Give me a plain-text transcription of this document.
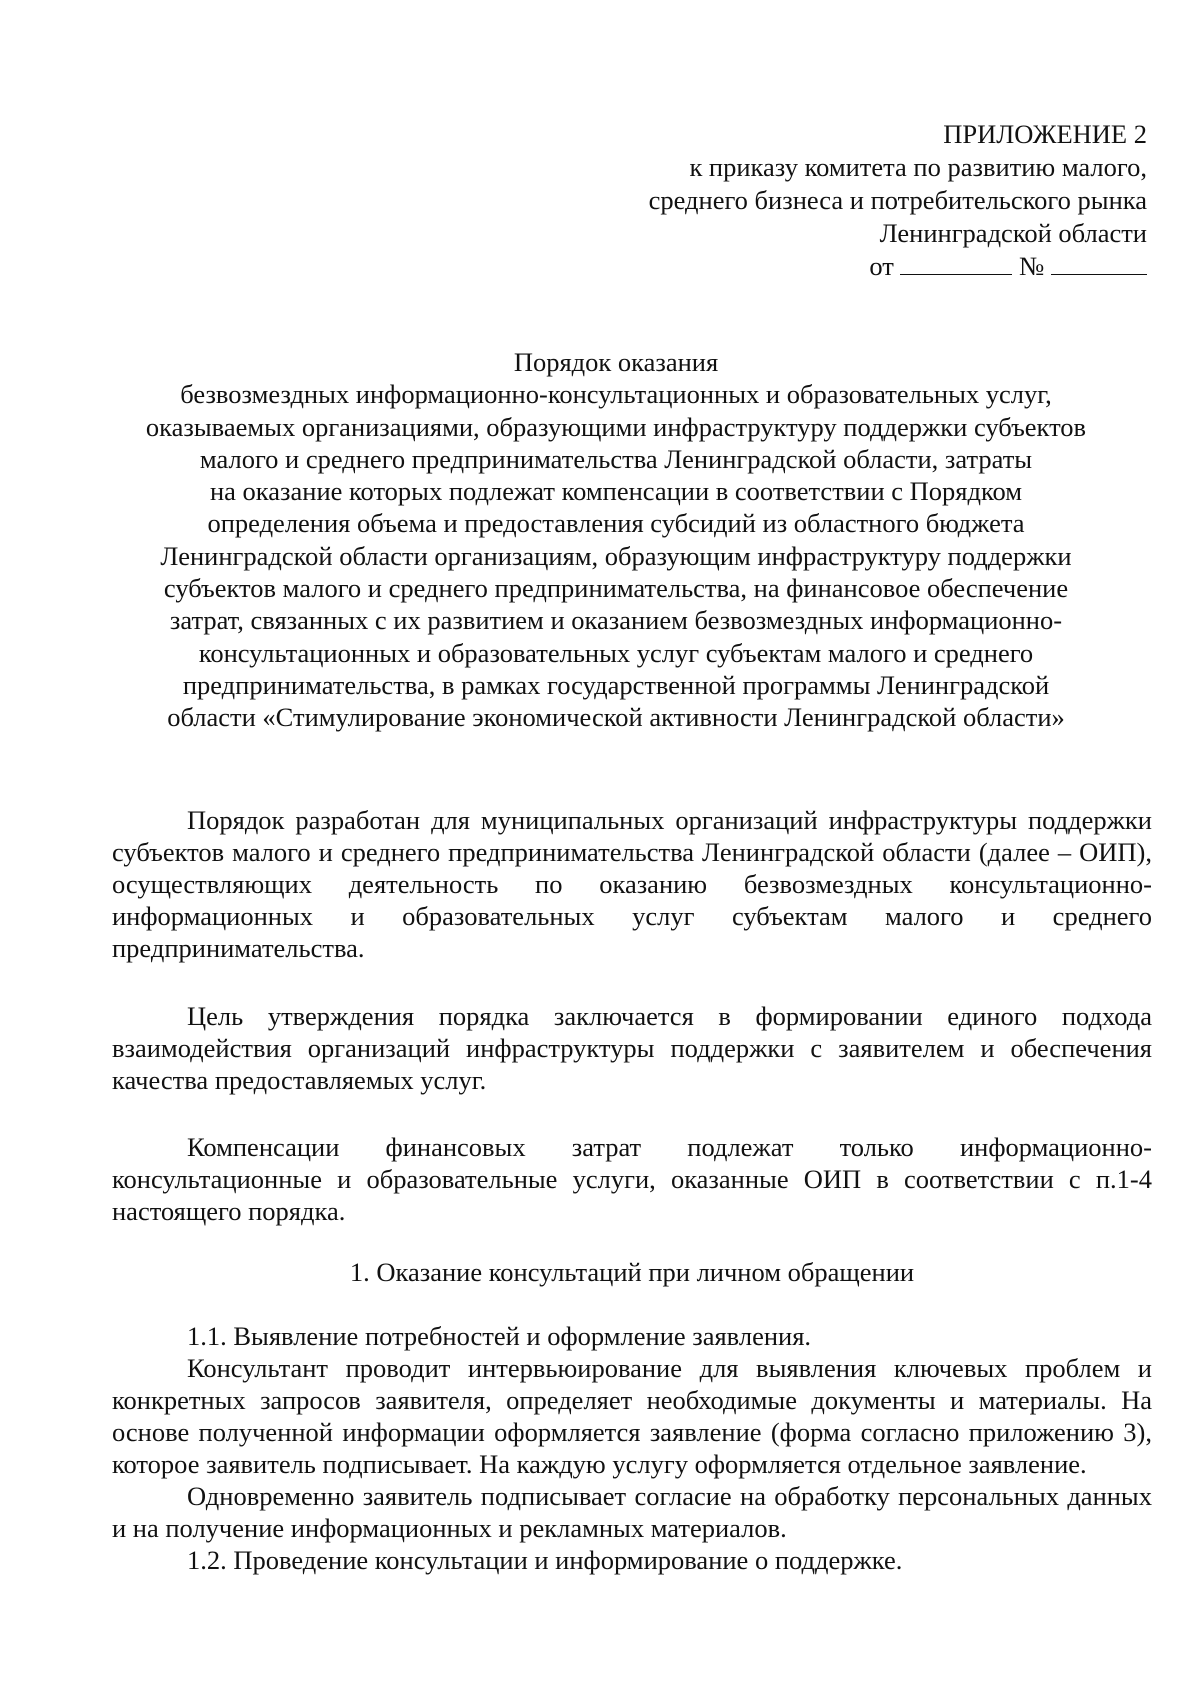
ПРИЛОЖЕНИЕ 2
к приказу комитета по развитию малого,
среднего бизнеса и потребительского рынка
Ленинградской области
от	№
Порядок оказания
безвозмездных информационно-консультационных и образовательных услуг,
оказываемых организациями, образующими инфраструктуру поддержки субъектов
малого и среднего предпринимательства Ленинградской области, затраты
на оказание которых подлежат компенсации в соответствии с Порядком
определения объема и предоставления субсидий из областного бюджета
Ленинградской области организациям, образующим инфраструктуру поддержки
субъектов малого и среднего предпринимательства, на финансовое обеспечение
затрат, связанных с их развитием и оказанием безвозмездных информационно-
консультационных и образовательных услуг субъектам малого и среднего
предпринимательства, в рамках государственной программы Ленинградской
области «Стимулирование экономической активности Ленинградской области»

Порядок разработан для муниципальных организаций инфраструктуры поддержки субъектов малого и среднего предпринимательства Ленинградской области (далее – ОИП), осуществляющих деятельность по оказанию безвозмездных консультационно-информационных и образовательных услуг субъектам малого и среднего предпринимательства.

Цель утверждения порядка заключается в формировании единого подхода взаимодействия организаций инфраструктуры поддержки с заявителем и обеспечения качества предоставляемых услуг.

Компенсации финансовых затрат подлежат только информационно-консультационные и образовательные услуги, оказанные ОИП в соответствии с п.1-4 настоящего порядка.

1. Оказание консультаций при личном обращении

1.1. Выявление потребностей и оформление заявления.

Консультант проводит интервьюирование для выявления ключевых проблем и конкретных запросов заявителя, определяет необходимые документы и материалы. На основе полученной информации оформляется заявление (форма согласно приложению 3), которое заявитель подписывает. На каждую услугу оформляется отдельное заявление.

Одновременно заявитель подписывает согласие на обработку персональных данных и на получение информационных и рекламных материалов.

1.2. Проведение консультации и информирование о поддержке.
